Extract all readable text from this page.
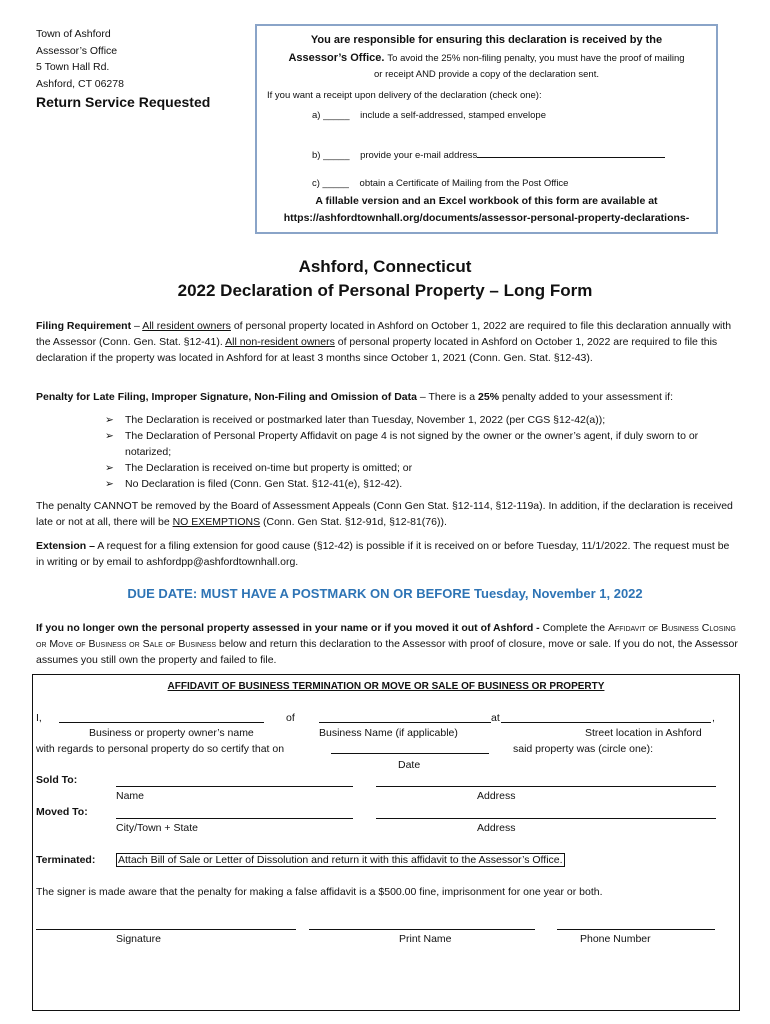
Town of Ashford
Assessor’s Office
5 Town Hall Rd.
Ashford, CT 06278
Return Service Requested
You are responsible for ensuring this declaration is received by the
Assessor’s Office. To avoid the 25% non-filing penalty, you must have the proof of mailing
or receipt AND provide a copy of the declaration sent.
If you want a receipt upon delivery of the declaration (check one):
a) _____ include a self-addressed, stamped envelope
b) _____ provide your e-mail address
c) _____ obtain a Certificate of Mailing from the Post Office
A fillable version and an Excel workbook of this form are available at
https://ashfordtownhall.org/documents/assessor-personal-property-declarations-
Ashford, Connecticut
2022 Declaration of Personal Property – Long Form
Filing Requirement – All resident owners of personal property located in Ashford on October 1, 2022 are required to file this declaration annually with the Assessor (Conn. Gen. Stat. §12-41). All non-resident owners of personal property located in Ashford on October 1, 2022 are required to file this declaration if the property was located in Ashford for at least 3 months since October 1, 2021 (Conn. Gen. Stat. §12-43).
Penalty for Late Filing, Improper Signature, Non-Filing and Omission of Data – There is a 25% penalty added to your assessment if:
➢ The Declaration is received or postmarked later than Tuesday, November 1, 2022 (per CGS §12-42(a));
➢ The Declaration of Personal Property Affidavit on page 4 is not signed by the owner or the owner’s agent, if duly sworn to or notarized;
➢ The Declaration is received on-time but property is omitted; or
➢ No Declaration is filed (Conn. Gen Stat. §12-41(e), §12-42).
The penalty CANNOT be removed by the Board of Assessment Appeals (Conn Gen Stat. §12-114, §12-119a). In addition, if the declaration is received late or not at all, there will be NO EXEMPTIONS (Conn. Gen Stat. §12-91d, §12-81(76)).
Extension – A request for a filing extension for good cause (§12-42) is possible if it is received on or before Tuesday, 11/1/2022. The request must be in writing or by email to ashfordpp@ashfordtownhall.org.
DUE DATE: MUST HAVE A POSTMARK ON OR BEFORE Tuesday, November 1, 2022
If you no longer own the personal property assessed in your name or if you moved it out of Ashford - Complete the Affidavit of Business Closing or Move of Business or Sale of Business below and return this declaration to the Assessor with proof of closure, move or sale. If you do not, the Assessor assumes you still own the property and failed to file.
AFFIDAVIT OF BUSINESS TERMINATION OR MOVE OR SALE OF BUSINESS OR PROPERTY
I,	of	at	,
Business or property owner’s name	Business Name (if applicable)	Street location in Ashford
with regards to personal property do so certify that on	said property was (circle one):
Date
Sold To:
Name	Address
Moved To:
City/Town + State	Address
Terminated: Attach Bill of Sale or Letter of Dissolution and return it with this affidavit to the Assessor’s Office.
The signer is made aware that the penalty for making a false affidavit is a $500.00 fine, imprisonment for one year or both.
Signature	Print Name	Phone Number
